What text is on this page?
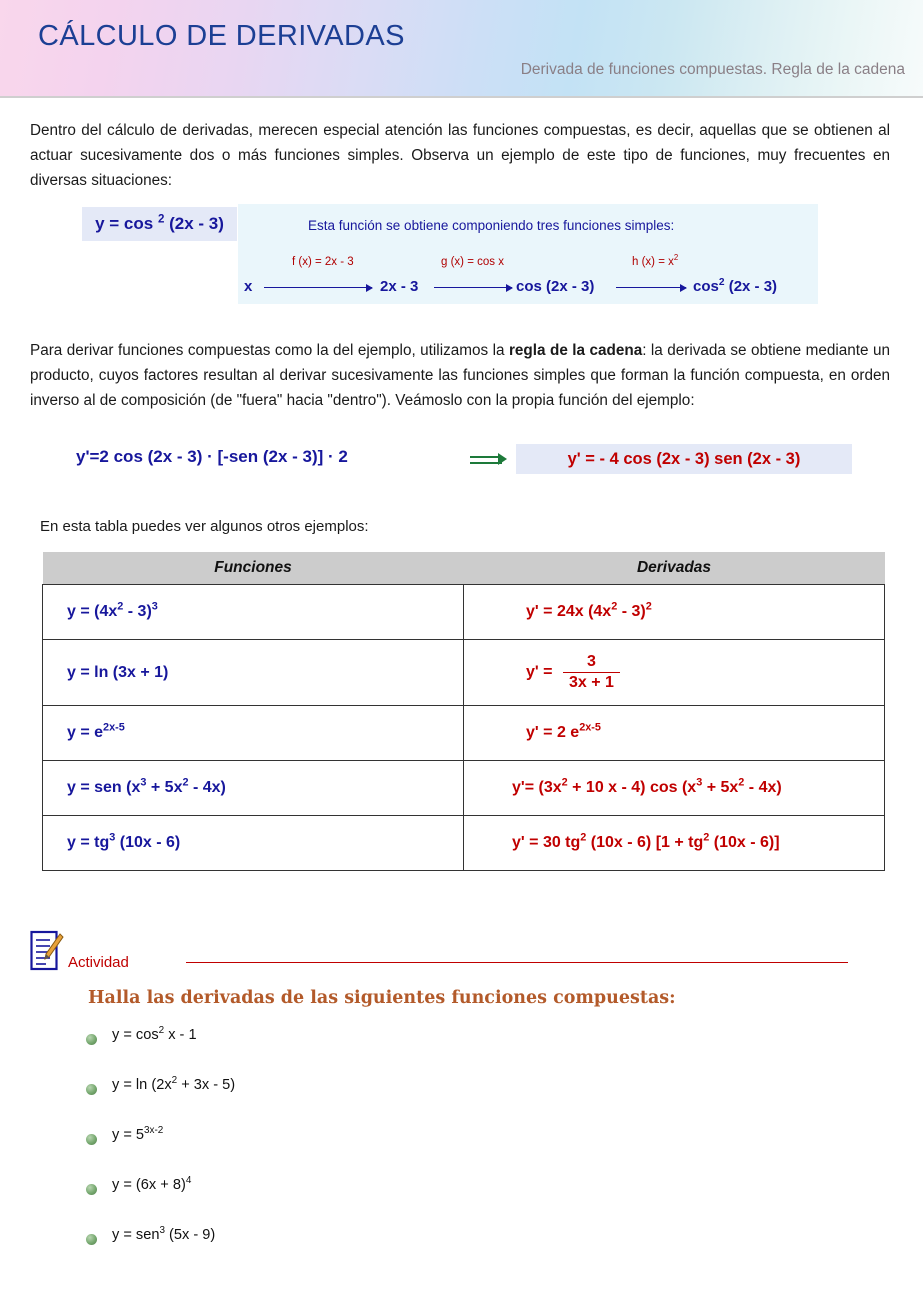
CÁLCULO DE DERIVADAS
Derivada de funciones compuestas. Regla de la cadena
Dentro del cálculo de derivadas, merecen especial atención las funciones compuestas, es decir, aquellas que se obtienen al actuar sucesivamente dos o más funciones simples. Observa un ejemplo de este tipo de funciones, muy frecuentes en diversas situaciones:
y = cos $^2$ (2x - 3)	Esta función se obtiene componiendo tres funciones simples:
f (x) = 2x - 3	g (x) = cos x	h $(x) = x^2$
x	2x - 3	cos (2x - 3)	$\cos^2 (2x - 3)$
Para derivar funciones compuestas como la del ejemplo, utilizamos la regla de la cadena: la derivada se obtiene mediante un producto, cuyos factores resultan al derivar sucesivamente las funciones simples que forman la función compuesta, en orden inverso al de composición (de "fuera" hacia "dentro"). Veámoslo con la propia función del ejemplo:
y'=2 cos (2x - 3) · [-sen (2x - 3)] · 2	y' = - 4 cos (2x - 3) sen (2x - 3)
En esta tabla puedes ver algunos otros ejemplos:
Funciones	Derivadas
$y = (4x^2 - 3)^3$	y' = 24x $(4x^2 - 3)^2$
y = ln (3x + 1)	$y' = \frac{3}{3x + 1}$

$y = e^{2x-5}$	y' = 2 $e^{2x-5}$
y = sen $(x^3 + 5x^2 - 4x)$	$y'= (3x^2 + 10$ x - 4) $\cos (x^3 + 5x^2 - 4x)$
$y = tg^3$ (10x - 6)	y' = 30 $tg^2$ (10x - 6) [$1 + tg^2$ (10x - 6)]
Actividad
Halla las derivadas de las siguientes funciones compuestas:
$y = \cos^2 x - 1$
$y = \ln (2x^2 + 3x - 5)$
$y = 5^{3x-2}$
$y = (6x + 8)^4$
y = sen$^3$ (5x - 9)
